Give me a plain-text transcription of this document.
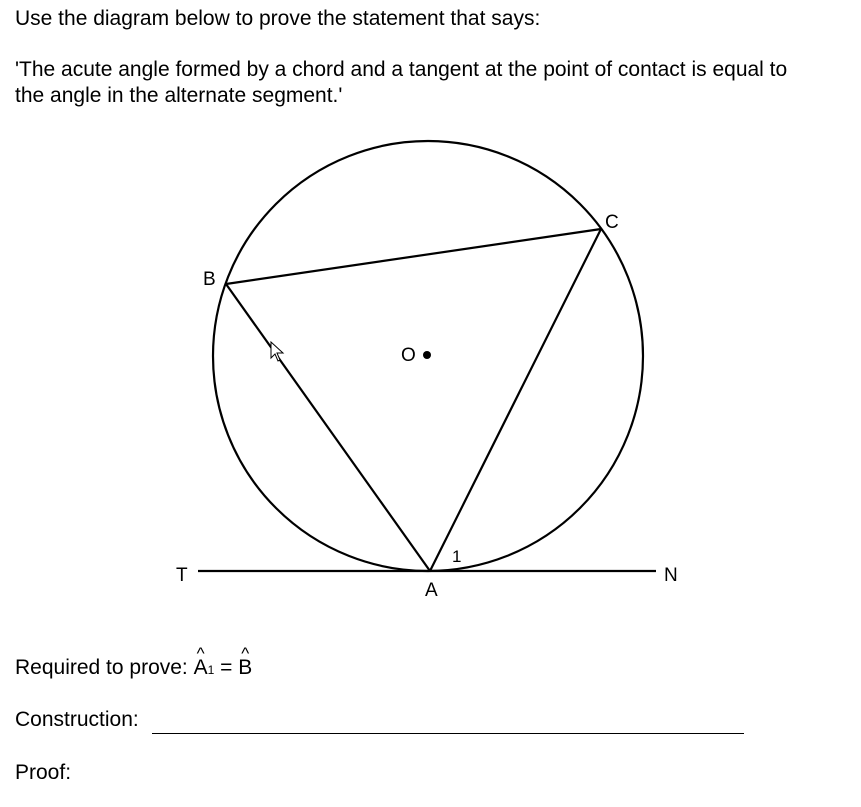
Use the diagram below to prove the statement that says:
'The acute angle formed by a chord and a tangent at the point of contact is equal to
the angle in the alternate segment.'
B
C
O
T
A
N
1
Required to prove: ^ A1 = ^ B
Construction:
Proof:
